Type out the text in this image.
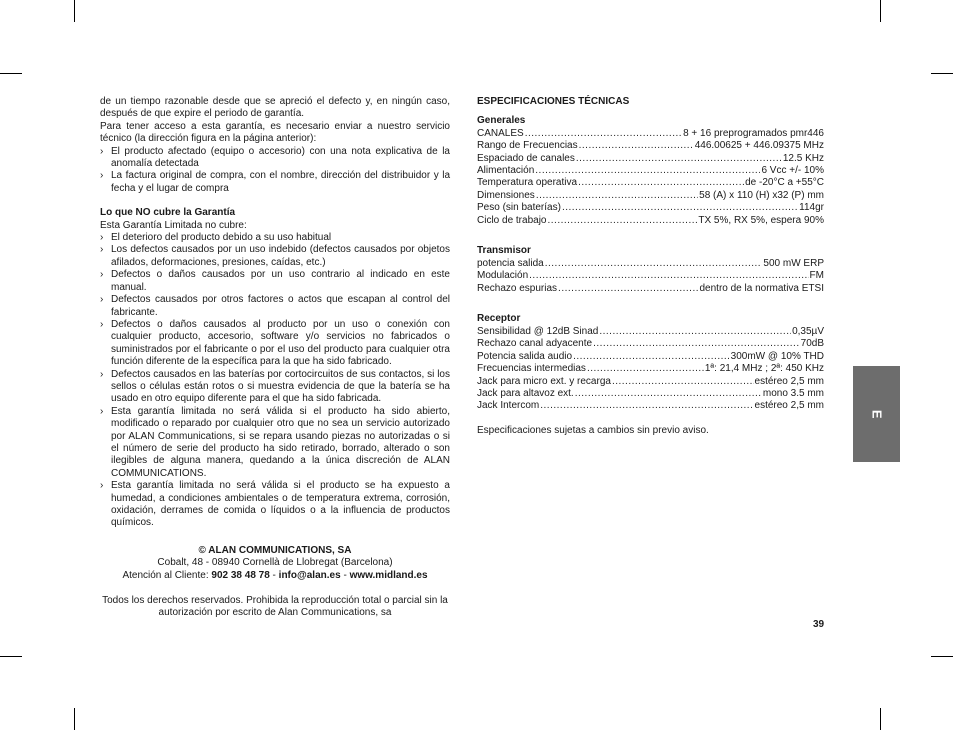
de un tiempo razonable desde que se apreció el defecto y, en ningún caso, después de que expire el periodo de garantía.

Para tener acceso a esta garantía, es necesario enviar a nuestro servicio técnico (la dirección figura en la página anterior):

› El producto afectado (equipo o accesorio) con una nota explicativa de la anomalía detectada

› La factura original de compra, con el nombre, dirección del distribuidor y la fecha y el lugar de compra

Lo que NO cubre la Garantía

Esta Garantía Limitada no cubre:

› El deterioro del producto debido a su uso habitual

› Los defectos causados por un uso indebido (defectos causados por objetos afilados, deformaciones, presiones, caídas, etc.)

› Defectos o daños causados por un uso contrario al indicado en este manual.

› Defectos causados por otros factores o actos que escapan al control del fabricante.

› Defectos o daños causados al producto por un uso o conexión con cualquier producto, accesorio, software y/o servicios no fabricados o suministrados por el fabricante o por el uso del producto para cualquier otra función diferente de la específica para la que ha sido fabricado.

› Defectos causados en las baterías por cortocircuitos de sus contactos, si los sellos o células están rotos o si muestra evidencia de que la batería se ha usado en otro equipo diferente para el que ha sido fabricada.

› Esta garantía limitada no será válida si el producto ha sido abierto, modificado o reparado por cualquier otro que no sea un servicio autorizado por ALAN Communications, si se repara usando piezas no autorizadas o si el número de serie del producto ha sido retirado, borrado, alterado o son ilegibles de alguna manera, quedando a la única discreción de ALAN COMMUNICATIONS.

› Esta garantía limitada no será válida si el producto se ha expuesto a humedad, a condiciones ambientales o de temperatura extrema, corrosión, oxidación, derrames de comida o líquidos o a la influencia de productos químicos.

© ALAN COMMUNICATIONS, SA
Cobalt, 48 - 08940 Cornellà de Llobregat (Barcelona)
Atención al Cliente: 902 38 48 78 - info@alan.es - www.midland.es
Todos los derechos reservados. Prohibida la reproducción total o parcial sin la autorización por escrito de Alan Communications, sa
ESPECIFICACIONES TÉCNICAS
Generales
CANALES .....	8 + 16 preprogramados pmr446
Rango de Frecuencias .....	446.00625 + 446.09375 MHz
Espaciado de canales .....	12.5 KHz
Alimentación .....	6 Vcc +/- 10%
Temperatura operativa .....	de -20°C a +55°C
Dimensiones .....	58 (A) x 110 (H) x32 (P) mm
Peso (sin baterías) .....	114gr
Ciclo de trabajo .....	TX 5%, RX 5%, espera 90%
Transmisor
potencia salida .....	500 mW ERP
Modulación .....	FM
Rechazo espurias .....	dentro de la normativa ETSI
Receptor
Sensibilidad @ 12dB Sinad .....	0,35µV
Rechazo canal adyacente .....	70dB
Potencia salida audio .....	300mW @ 10% THD
Frecuencias intermedias .....	1ª: 21,4 MHz ; 2ª: 450 KHz
Jack para micro ext. y recarga .....	estéreo 2,5 mm
Jack para altavoz ext. .....	mono 3.5 mm
Jack Intercom .....	estéreo 2,5 mm
Especificaciones sujetas a cambios sin previo aviso.
E
39
